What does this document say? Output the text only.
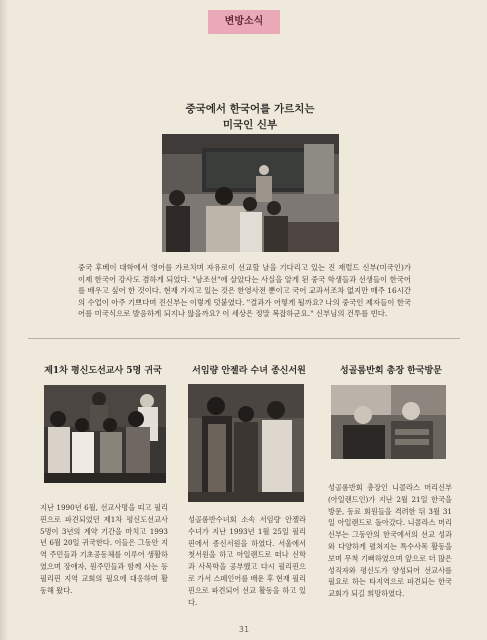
변방소식
중국에서 한국어를 가르치는
미국인 신부
중국 후베이 대학에서 영어를 가르치며 자유로이 선교할 날을 기다리고 있는 진 재럴드 신부(미국인)가 이제 한국어 강사도 겸하게 되었다. "남조선"에 살았다는 사실을 알게 된 중국 학생들과 선생들이 한국어를 배우고 싶어 한 것이다. 현재 가지고 있는 것은 한영사전 뿐이고 국어 교과서조차 없지만 매주 16시간의 수업이 아주 기쁘다며 진신부는 이렇게 덧붙였다. "결과가 어떻게 될까요? 나의 중국인 제자들이 한국어를 미국식으로 발음하게 되지나 않을까요? 이 세상은 정말 복잡하군요." 신부님의 건투를 빈다.
제1차 평신도선교사 5명 귀국
지난 1990년 6월, 선교사명을 띠고 필리핀으로 파견되었던 제1차 평신도선교사 5명이 3년의 계약 기간을 마치고 1993년 6월 20일 귀국한다. 이들은 그동안 지역 주민들과 기초공동체를 이루어 생활하였으며 장애자, 원주민들과 함께 사는 등 필리핀 지역 교회의 필요에 대응하며 활동해 왔다.
서임량 안젤라 수녀 종신서원
성골롬반수녀회 소속 서임량 안젤라 수녀가 지난 1993년 1월 25일 필리핀에서 종신서원을 하였다. 서울에서 첫서원을 하고 아일랜드로 떠나 신학과 사목학을 공부했고 다시 필리핀으로 가서 스페인어를 배운 후 현재 필리핀으로 파견되어 선교 활동을 하고 있다.
성골롬반회 총장 한국방문
성골롬반회 총장인 니콜라스 머리신부(아일랜드인)가 지난 2월 21일 한국을 방문, 동료 회원들을 격려한 뒤 3월 31일 아일랜드로 돌아갔다. 니콜라스 머리 신부는 그동안의 한국에서의 선교 성과와 다양하게 펼쳐지는 특수사목 활동을 보며 무척 기뻐하였으며 앞으로 더 많은 성직자와 평신도가 양성되어 선교사를 필요로 하는 타지역으로 파견되는 한국교회가 되길 희망하였다.
31
